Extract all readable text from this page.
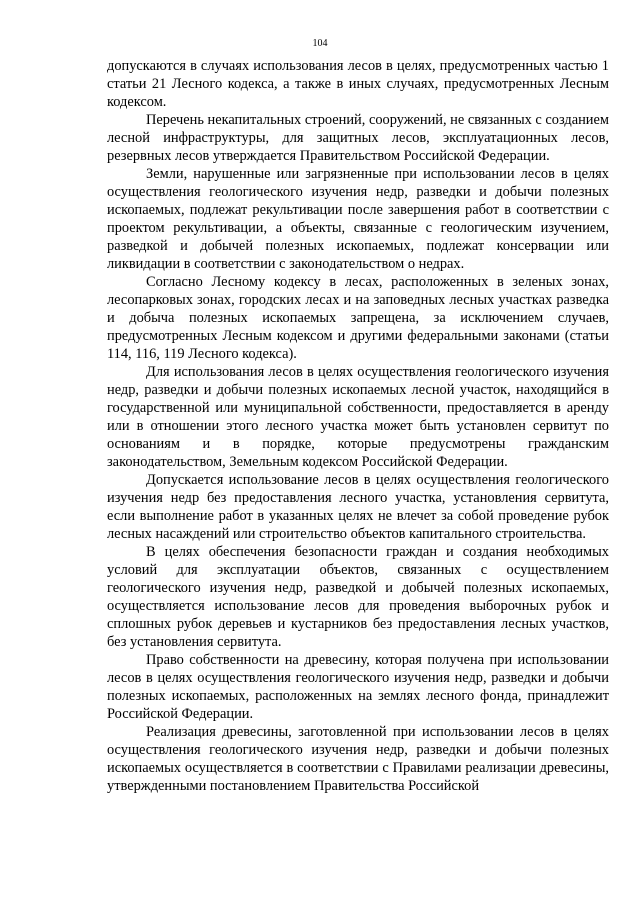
104

допускаются в случаях использования лесов в целях, предусмотренных частью 1 статьи 21 Лесного кодекса, а также в иных случаях, предусмотренных Лесным кодексом.

Перечень некапитальных строений, сооружений, не связанных с созданием лесной инфраструктуры, для защитных лесов, эксплуатационных лесов, резервных лесов утверждается Правительством Российской Федерации.

Земли, нарушенные или загрязненные при использовании лесов в целях осуществления геологического изучения недр, разведки и добычи полезных ископаемых, подлежат рекультивации после завершения работ в соответствии с проектом рекультивации, а объекты, связанные с геологическим изучением, разведкой и добычей полезных ископаемых, подлежат консервации или ликвидации в соответствии с законодательством о недрах.

Согласно Лесному кодексу в лесах, расположенных в зеленых зонах, лесопарковых зонах, городских лесах и на заповедных лесных участках разведка и добыча полезных ископаемых запрещена, за исключением случаев, предусмотренных Лесным кодексом и другими федеральными законами (статьи 114, 116, 119 Лесного кодекса).

Для использования лесов в целях осуществления геологического изучения недр, разведки и добычи полезных ископаемых лесной участок, находящийся в государственной или муниципальной собственности, предоставляется в аренду или в отношении этого лесного участка может быть установлен сервитут по основаниям и в порядке, которые предусмотрены гражданским законодательством, Земельным кодексом Российской Федерации.

Допускается использование лесов в целях осуществления геологического изучения недр без предоставления лесного участка, установления сервитута, если выполнение работ в указанных целях не влечет за собой проведение рубок лесных насаждений или строительство объектов капитального строительства.

В целях обеспечения безопасности граждан и создания необходимых условий для эксплуатации объектов, связанных с осуществлением геологического изучения недр, разведкой и добычей полезных ископаемых, осуществляется использование лесов для проведения выборочных рубок и сплошных рубок деревьев и кустарников без предоставления лесных участков, без установления сервитута.

Право собственности на древесину, которая получена при использовании лесов в целях осуществления геологического изучения недр, разведки и добычи полезных ископаемых, расположенных на землях лесного фонда, принадлежит Российской Федерации.

Реализация древесины, заготовленной при использовании лесов в целях осуществления геологического изучения недр, разведки и добычи полезных ископаемых осуществляется в соответствии с Правилами реализации древесины, утвержденными постановлением Правительства Российской
